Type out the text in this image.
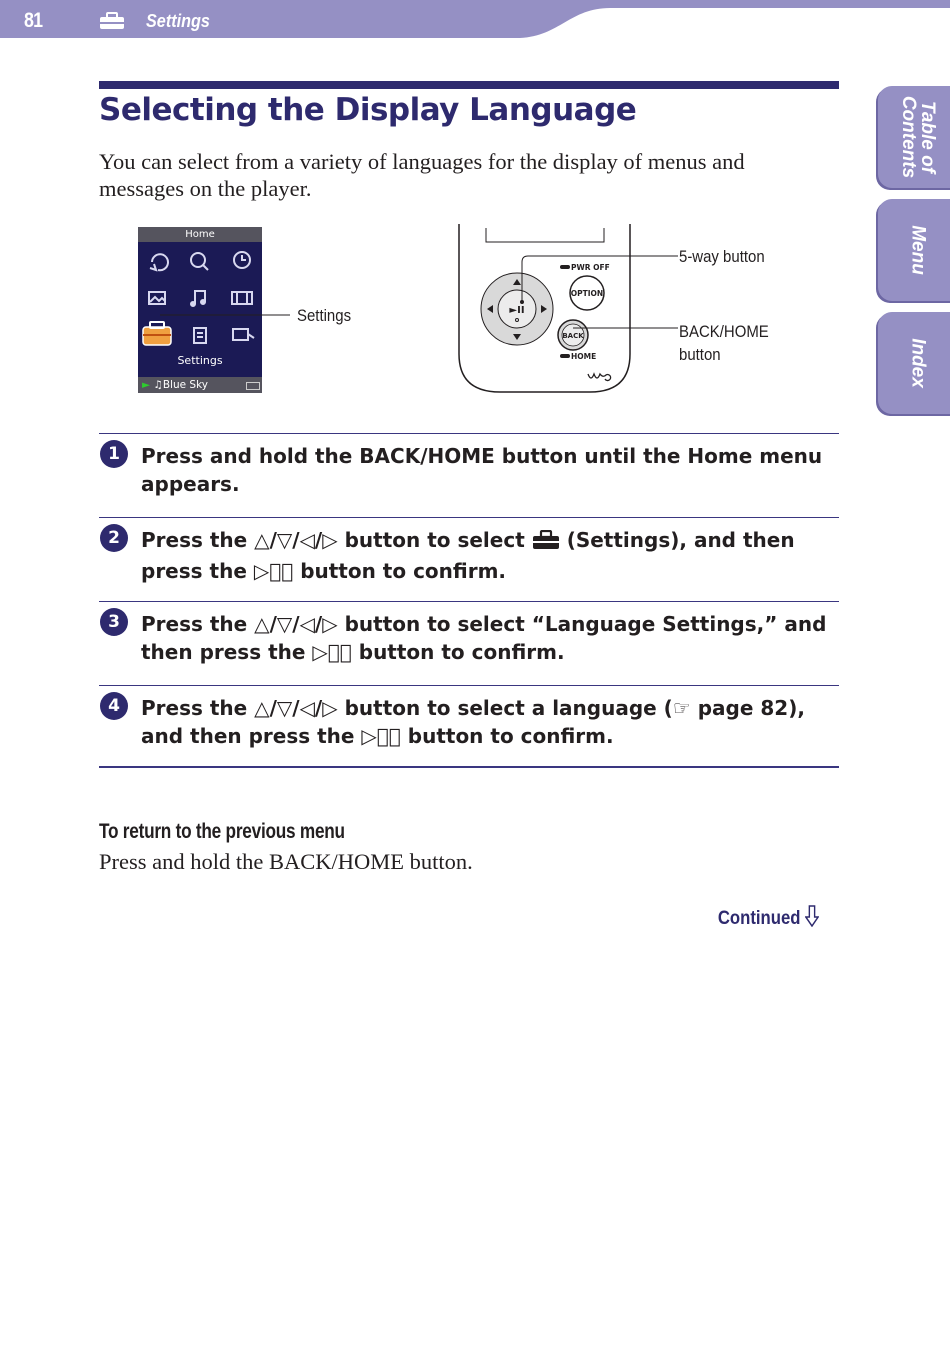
81	Settings
Table of
Contents
Menu
Index
Selecting the Display Language

You can select from a variety of languages for the display of menus and messages on the player.

Home
Settings
► ♫Blue Sky
Settings	►II
PWR OFF
OPTION
BACK
HOME
5-way button
BACK/HOME
button
1	Press and hold the BACK/HOME button until the Home menu appears.

2	Press the △/▽/◁/▷ button to select  (Settings), and then press the ▷⃒⃒ button to confirm.

3	Press the △/▽/◁/▷ button to select “Language Settings,” and then press the ▷⃒⃒ button to confirm.

4	Press the △/▽/◁/▷ button to select a language (☞ page 82), and then press the ▷⃒⃒ button to confirm.

To return to the previous menu

Press and hold the BACK/HOME button.

Continued
